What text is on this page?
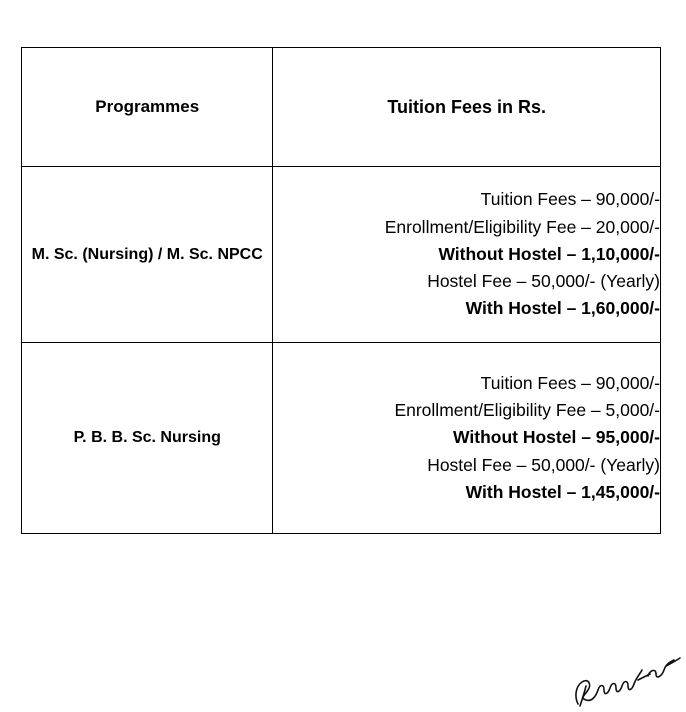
Programmes	Tuition Fees in Rs.
M. Sc. (Nursing) / M. Sc. NPCC	Tuition Fees – 90,000/-
Enrollment/Eligibility Fee – 20,000/-
Without Hostel – 1,10,000/-
Hostel Fee – 50,000/- (Yearly)
With Hostel – 1,60,000/-

P. B. B. Sc. Nursing	Tuition Fees – 90,000/-
Enrollment/Eligibility Fee – 5,000/-
Without Hostel – 95,000/-
Hostel Fee – 50,000/- (Yearly)
With Hostel – 1,45,000/-
